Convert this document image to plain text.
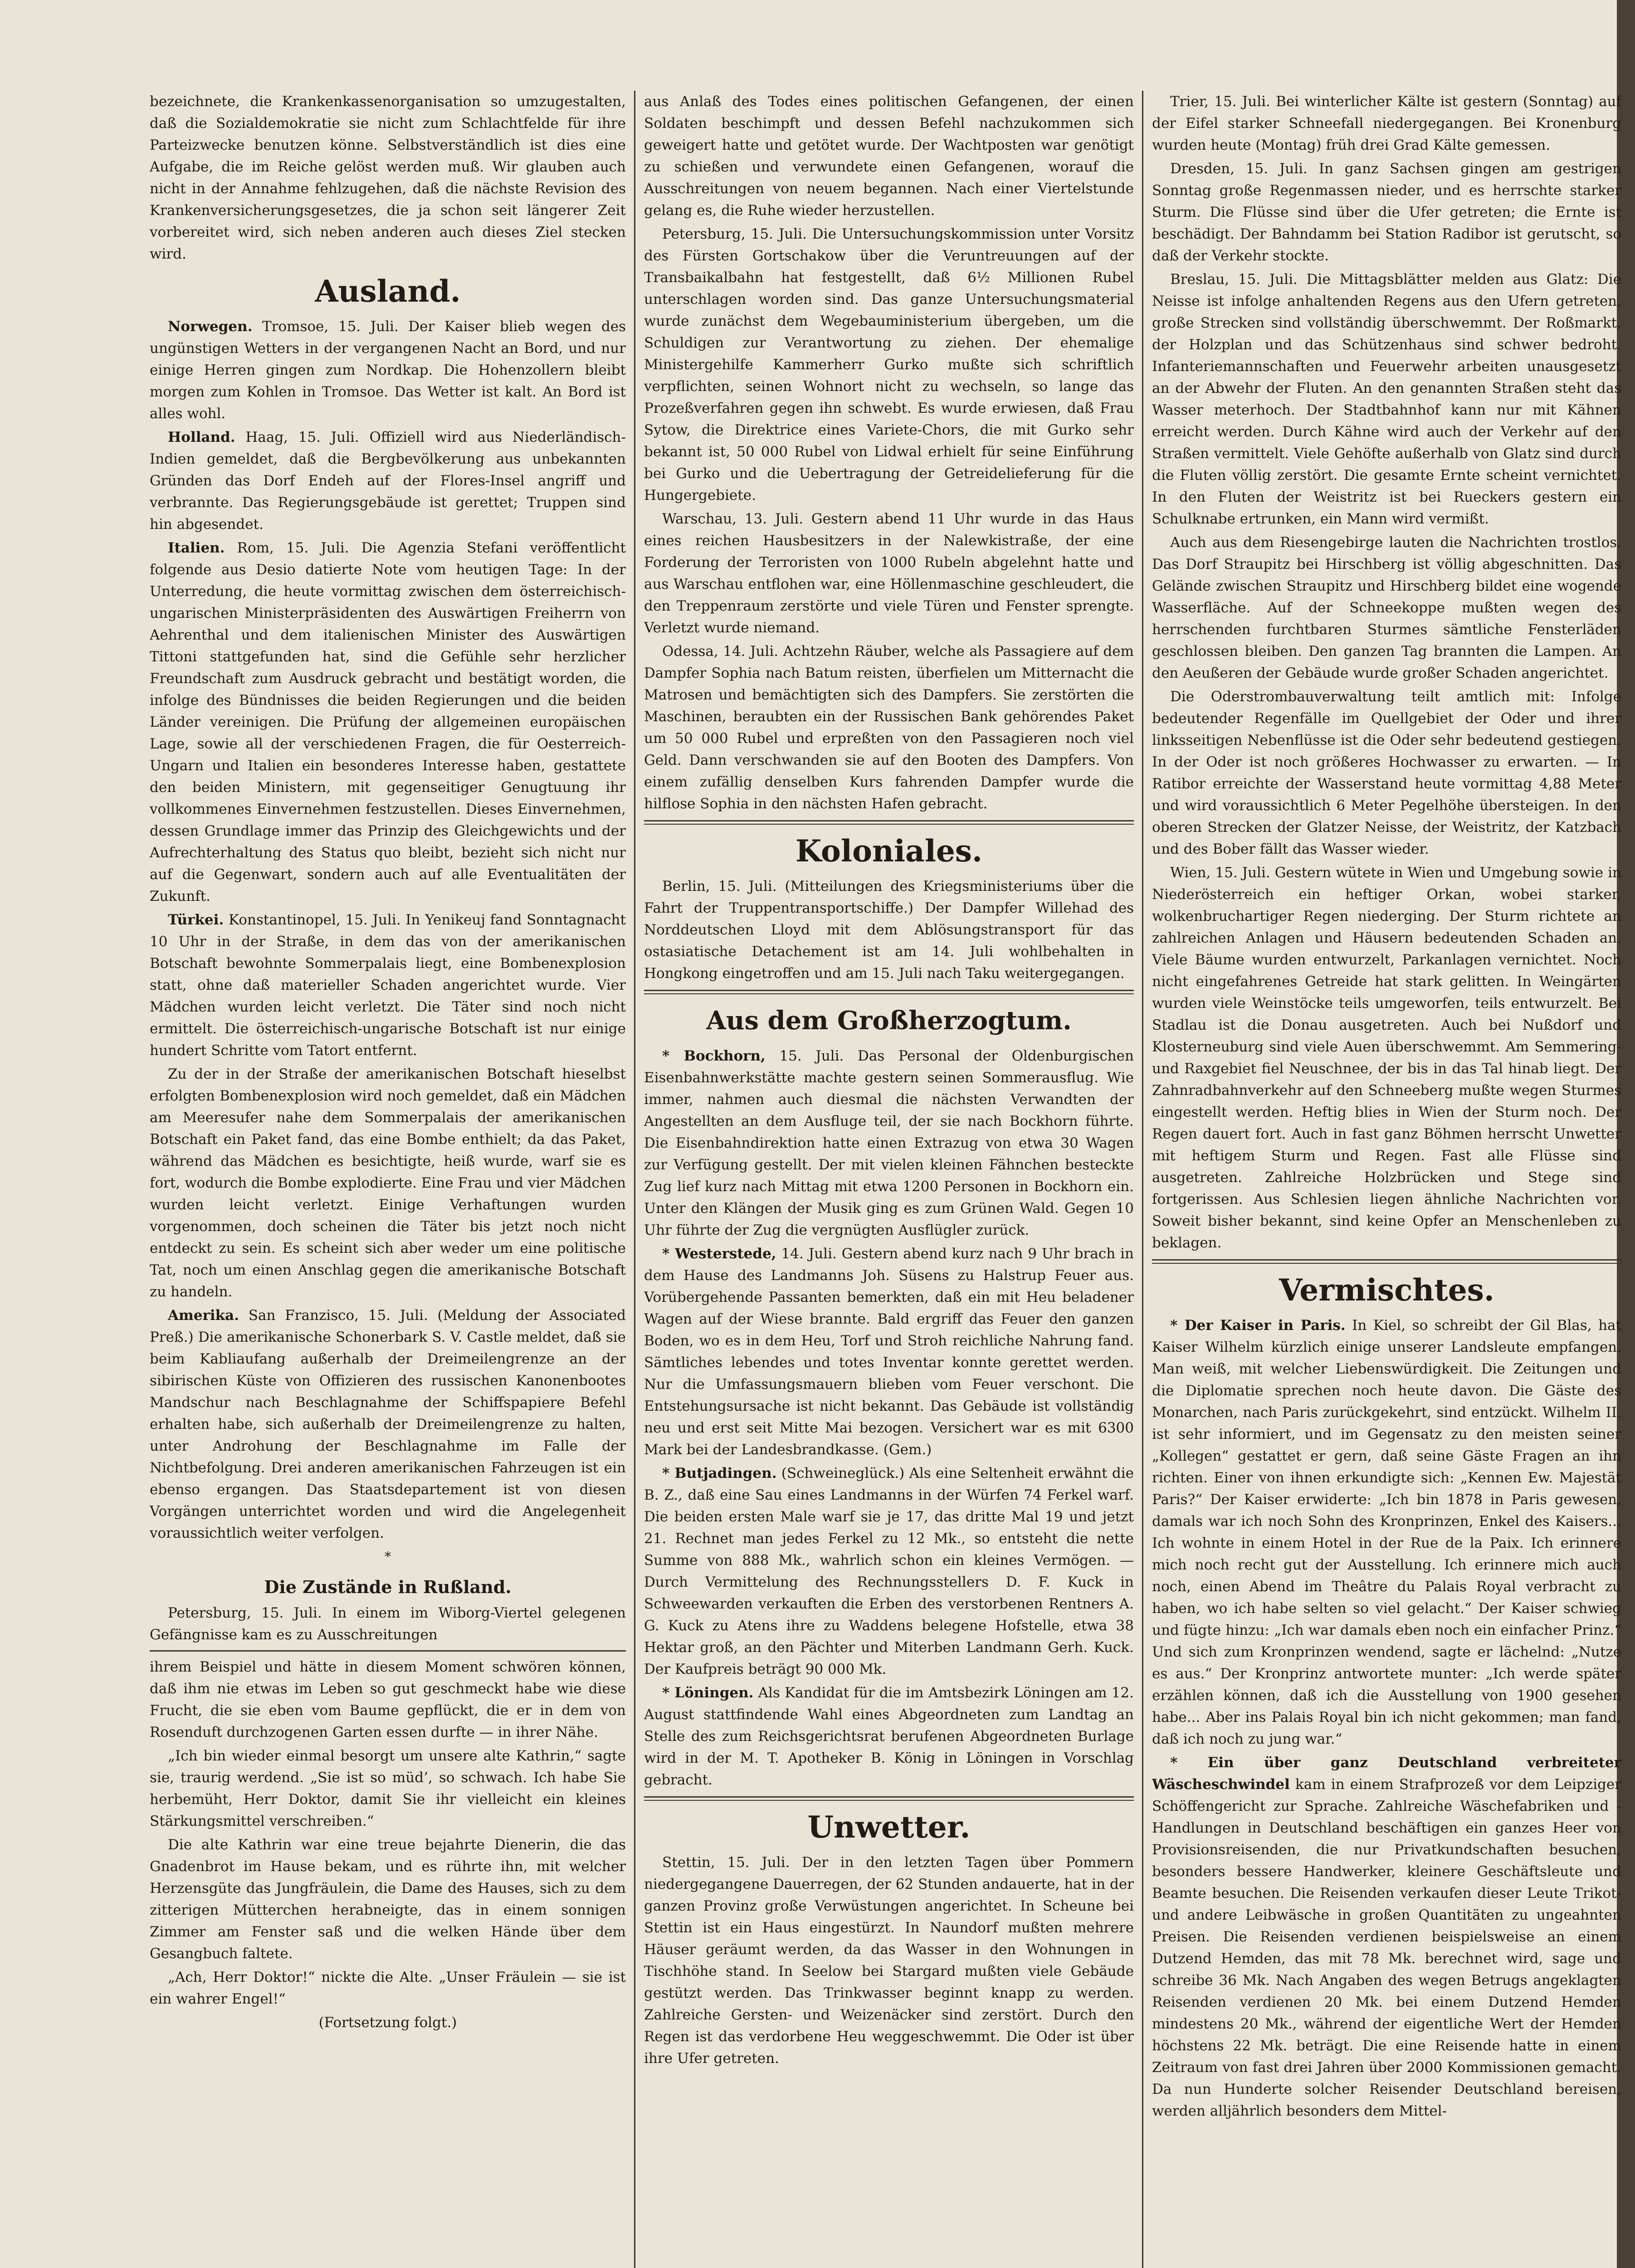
bezeichnete, die Krankenkassenorganisation so umzugestalten, daß die Sozialdemokratie sie nicht zum Schlachtfelde für ihre Parteizwecke benutzen könne. Selbstverständlich ist dies eine Aufgabe, die im Reiche gelöst werden muß. Wir glauben auch nicht in der Annahme fehlzugehen, daß die nächste Revision des Krankenversicherungsgesetzes, die ja schon seit längerer Zeit vorbereitet wird, sich neben anderen auch dieses Ziel stecken wird.

Ausland.

Norwegen. Tromsoe, 15. Juli. Der Kaiser blieb wegen des ungünstigen Wetters in der vergangenen Nacht an Bord, und nur einige Herren gingen zum Nordkap. Die Hohenzollern bleibt morgen zum Kohlen in Tromsoe. Das Wetter ist kalt. An Bord ist alles wohl.

Holland. Haag, 15. Juli. Offiziell wird aus Niederländisch-Indien gemeldet, daß die Bergbevölkerung aus unbekannten Gründen das Dorf Endeh auf der Flores-Insel angriff und verbrannte. Das Regierungsgebäude ist gerettet; Truppen sind hin abgesendet.

Italien. Rom, 15. Juli. Die Agenzia Stefani veröffentlicht folgende aus Desio datierte Note vom heutigen Tage: In der Unterredung, die heute vormittag zwischen dem österreichisch-ungarischen Ministerpräsidenten des Auswärtigen Freiherrn von Aehrenthal und dem italienischen Minister des Auswärtigen Tittoni stattgefunden hat, sind die Gefühle sehr herzlicher Freundschaft zum Ausdruck gebracht und bestätigt worden, die infolge des Bündnisses die beiden Regierungen und die beiden Länder vereinigen. Die Prüfung der allgemeinen europäischen Lage, sowie all der verschiedenen Fragen, die für Oesterreich-Ungarn und Italien ein besonderes Interesse haben, gestattete den beiden Ministern, mit gegenseitiger Genugtuung ihr vollkommenes Einvernehmen festzustellen. Dieses Einvernehmen, dessen Grundlage immer das Prinzip des Gleichgewichts und der Aufrechterhaltung des Status quo bleibt, bezieht sich nicht nur auf die Gegenwart, sondern auch auf alle Eventualitäten der Zukunft.

Türkei. Konstantinopel, 15. Juli. In Yenikeuj fand Sonntagnacht 10 Uhr in der Straße, in dem das von der amerikanischen Botschaft bewohnte Sommerpalais liegt, eine Bombenexplosion statt, ohne daß materieller Schaden angerichtet wurde. Vier Mädchen wurden leicht verletzt. Die Täter sind noch nicht ermittelt. Die österreichisch-ungarische Botschaft ist nur einige hundert Schritte vom Tatort entfernt.

Zu der in der Straße der amerikanischen Botschaft hieselbst erfolgten Bombenexplosion wird noch gemeldet, daß ein Mädchen am Meeresufer nahe dem Sommerpalais der amerikanischen Botschaft ein Paket fand, das eine Bombe enthielt; da das Paket, während das Mädchen es besichtigte, heiß wurde, warf sie es fort, wodurch die Bombe explodierte. Eine Frau und vier Mädchen wurden leicht verletzt. Einige Verhaftungen wurden vorgenommen, doch scheinen die Täter bis jetzt noch nicht entdeckt zu sein. Es scheint sich aber weder um eine politische Tat, noch um einen Anschlag gegen die amerikanische Botschaft zu handeln.

Amerika. San Franzisco, 15. Juli. (Meldung der Associated Preß.) Die amerikanische Schonerbark S. V. Castle meldet, daß sie beim Kabliaufang außerhalb der Dreimeilengrenze an der sibirischen Küste von Offizieren des russischen Kanonenbootes Mandschur nach Beschlagnahme der Schiffspapiere Befehl erhalten habe, sich außerhalb der Dreimeilengrenze zu halten, unter Androhung der Beschlagnahme im Falle der Nichtbefolgung. Drei anderen amerikanischen Fahrzeugen ist ein ebenso ergangen. Das Staatsdepartement ist von diesen Vorgängen unterrichtet worden und wird die Angelegenheit voraussichtlich weiter verfolgen.

*

Die Zustände in Rußland.

Petersburg, 15. Juli. In einem im Wiborg-Viertel gelegenen Gefängnisse kam es zu Ausschreitungen

ihrem Beispiel und hätte in diesem Moment schwören können, daß ihm nie etwas im Leben so gut geschmeckt habe wie diese Frucht, die sie eben vom Baume gepflückt, die er in dem von Rosenduft durchzogenen Garten essen durfte — in ihrer Nähe.

„Ich bin wieder einmal besorgt um unsere alte Kathrin,“ sagte sie, traurig werdend. „Sie ist so müd’, so schwach. Ich habe Sie herbemüht, Herr Doktor, damit Sie ihr vielleicht ein kleines Stärkungsmittel verschreiben.“

Die alte Kathrin war eine treue bejahrte Dienerin, die das Gnadenbrot im Hause bekam, und es rührte ihn, mit welcher Herzensgüte das Jungfräulein, die Dame des Hauses, sich zu dem zitterigen Mütterchen herabneigte, das in einem sonnigen Zimmer am Fenster saß und die welken Hände über dem Gesangbuch faltete.

„Ach, Herr Doktor!“ nickte die Alte. „Unser Fräulein — sie ist ein wahrer Engel!“

(Fortsetzung folgt.)

aus Anlaß des Todes eines politischen Gefangenen, der einen Soldaten beschimpft und dessen Befehl nachzukommen sich geweigert hatte und getötet wurde. Der Wachtposten war genötigt zu schießen und verwundete einen Gefangenen, worauf die Ausschreitungen von neuem begannen. Nach einer Viertelstunde gelang es, die Ruhe wieder herzustellen.

Petersburg, 15. Juli. Die Untersuchungskommission unter Vorsitz des Fürsten Gortschakow über die Veruntreuungen auf der Transbaikalbahn hat festgestellt, daß 6½ Millionen Rubel unterschlagen worden sind. Das ganze Untersuchungsmaterial wurde zunächst dem Wegebauministerium übergeben, um die Schuldigen zur Verantwortung zu ziehen. Der ehemalige Ministergehilfe Kammerherr Gurko mußte sich schriftlich verpflichten, seinen Wohnort nicht zu wechseln, so lange das Prozeßverfahren gegen ihn schwebt. Es wurde erwiesen, daß Frau Sytow, die Direktrice eines Variete-Chors, die mit Gurko sehr bekannt ist, 50 000 Rubel von Lidwal erhielt für seine Einführung bei Gurko und die Uebertragung der Getreidelieferung für die Hungergebiete.

Warschau, 13. Juli. Gestern abend 11 Uhr wurde in das Haus eines reichen Hausbesitzers in der Nalewkistraße, der eine Forderung der Terroristen von 1000 Rubeln abgelehnt hatte und aus Warschau entflohen war, eine Höllenmaschine geschleudert, die den Treppenraum zerstörte und viele Türen und Fenster sprengte. Verletzt wurde niemand.

Odessa, 14. Juli. Achtzehn Räuber, welche als Passagiere auf dem Dampfer Sophia nach Batum reisten, überfielen um Mitternacht die Matrosen und bemächtigten sich des Dampfers. Sie zerstörten die Maschinen, beraubten ein der Russischen Bank gehörendes Paket um 50 000 Rubel und erpreßten von den Passagieren noch viel Geld. Dann verschwanden sie auf den Booten des Dampfers. Von einem zufällig denselben Kurs fahrenden Dampfer wurde die hilflose Sophia in den nächsten Hafen gebracht.

Koloniales.

Berlin, 15. Juli. (Mitteilungen des Kriegsministeriums über die Fahrt der Truppentransportschiffe.) Der Dampfer Willehad des Norddeutschen Lloyd mit dem Ablösungstransport für das ostasiatische Detachement ist am 14. Juli wohlbehalten in Hongkong eingetroffen und am 15. Juli nach Taku weitergegangen.

Aus dem Großherzogtum.

* Bockhorn, 15. Juli. Das Personal der Oldenburgischen Eisenbahnwerkstätte machte gestern seinen Sommerausflug. Wie immer, nahmen auch diesmal die nächsten Verwandten der Angestellten an dem Ausfluge teil, der sie nach Bockhorn führte. Die Eisenbahndirektion hatte einen Extrazug von etwa 30 Wagen zur Verfügung gestellt. Der mit vielen kleinen Fähnchen besteckte Zug lief kurz nach Mittag mit etwa 1200 Personen in Bockhorn ein. Unter den Klängen der Musik ging es zum Grünen Wald. Gegen 10 Uhr führte der Zug die vergnügten Ausflügler zurück.

* Westerstede, 14. Juli. Gestern abend kurz nach 9 Uhr brach in dem Hause des Landmanns Joh. Süsens zu Halstrup Feuer aus. Vorübergehende Passanten bemerkten, daß ein mit Heu beladener Wagen auf der Wiese brannte. Bald ergriff das Feuer den ganzen Boden, wo es in dem Heu, Torf und Stroh reichliche Nahrung fand. Sämtliches lebendes und totes Inventar konnte gerettet werden. Nur die Umfassungsmauern blieben vom Feuer verschont. Die Entstehungsursache ist nicht bekannt. Das Gebäude ist vollständig neu und erst seit Mitte Mai bezogen. Versichert war es mit 6300 Mark bei der Landesbrandkasse. (Gem.)

* Butjadingen. (Schweineglück.) Als eine Seltenheit erwähnt die B. Z., daß eine Sau eines Landmanns in der Würfen 74 Ferkel warf. Die beiden ersten Male warf sie je 17, das dritte Mal 19 und jetzt 21. Rechnet man jedes Ferkel zu 12 Mk., so entsteht die nette Summe von 888 Mk., wahrlich schon ein kleines Vermögen. — Durch Vermittelung des Rechnungsstellers D. F. Kuck in Schweewarden verkauften die Erben des verstorbenen Rentners A. G. Kuck zu Atens ihre zu Waddens belegene Hofstelle, etwa 38 Hektar groß, an den Pächter und Miterben Landmann Gerh. Kuck. Der Kaufpreis beträgt 90 000 Mk.

* Löningen. Als Kandidat für die im Amtsbezirk Löningen am 12. August stattfindende Wahl eines Abgeordneten zum Landtag an Stelle des zum Reichsgerichtsrat berufenen Abgeordneten Burlage wird in der M. T. Apotheker B. König in Löningen in Vorschlag gebracht.

Unwetter.

Stettin, 15. Juli. Der in den letzten Tagen über Pommern niedergegangene Dauerregen, der 62 Stunden andauerte, hat in der ganzen Provinz große Verwüstungen angerichtet. In Scheune bei Stettin ist ein Haus eingestürzt. In Naundorf mußten mehrere Häuser geräumt werden, da das Wasser in den Wohnungen in Tischhöhe stand. In Seelow bei Stargard mußten viele Gebäude gestützt werden. Das Trinkwasser beginnt knapp zu werden. Zahlreiche Gersten- und Weizenäcker sind zerstört. Durch den Regen ist das verdorbene Heu weggeschwemmt. Die Oder ist über ihre Ufer getreten.

Trier, 15. Juli. Bei winterlicher Kälte ist gestern (Sonntag) auf der Eifel starker Schneefall niedergegangen. Bei Kronenburg wurden heute (Montag) früh drei Grad Kälte gemessen.

Dresden, 15. Juli. In ganz Sachsen gingen am gestrigen Sonntag große Regenmassen nieder, und es herrschte starker Sturm. Die Flüsse sind über die Ufer getreten; die Ernte ist beschädigt. Der Bahndamm bei Station Radibor ist gerutscht, so daß der Verkehr stockte.

Breslau, 15. Juli. Die Mittagsblätter melden aus Glatz: Die Neisse ist infolge anhaltenden Regens aus den Ufern getreten, große Strecken sind vollständig überschwemmt. Der Roßmarkt, der Holzplan und das Schützenhaus sind schwer bedroht. Infanteriemannschaften und Feuerwehr arbeiten unausgesetzt an der Abwehr der Fluten. An den genannten Straßen steht das Wasser meterhoch. Der Stadtbahnhof kann nur mit Kähnen erreicht werden. Durch Kähne wird auch der Verkehr auf den Straßen vermittelt. Viele Gehöfte außerhalb von Glatz sind durch die Fluten völlig zerstört. Die gesamte Ernte scheint vernichtet. In den Fluten der Weistritz ist bei Rueckers gestern ein Schulknabe ertrunken, ein Mann wird vermißt.

Auch aus dem Riesengebirge lauten die Nachrichten trostlos. Das Dorf Straupitz bei Hirschberg ist völlig abgeschnitten. Das Gelände zwischen Straupitz und Hirschberg bildet eine wogende Wasserfläche. Auf der Schneekoppe mußten wegen des herrschenden furchtbaren Sturmes sämtliche Fensterläden geschlossen bleiben. Den ganzen Tag brannten die Lampen. An den Aeußeren der Gebäude wurde großer Schaden angerichtet.

Die Oderstrombauverwaltung teilt amtlich mit: Infolge bedeutender Regenfälle im Quellgebiet der Oder und ihrer linksseitigen Nebenflüsse ist die Oder sehr bedeutend gestiegen. In der Oder ist noch größeres Hochwasser zu erwarten. — In Ratibor erreichte der Wasserstand heute vormittag 4,88 Meter und wird voraussichtlich 6 Meter Pegelhöhe übersteigen. In den oberen Strecken der Glatzer Neisse, der Weistritz, der Katzbach und des Bober fällt das Wasser wieder.

Wien, 15. Juli. Gestern wütete in Wien und Umgebung sowie in Niederösterreich ein heftiger Orkan, wobei starker, wolkenbruchartiger Regen niederging. Der Sturm richtete an zahlreichen Anlagen und Häusern bedeutenden Schaden an. Viele Bäume wurden entwurzelt, Parkanlagen vernichtet. Noch nicht eingefahrenes Getreide hat stark gelitten. In Weingärten wurden viele Weinstöcke teils umgeworfen, teils entwurzelt. Bei Stadlau ist die Donau ausgetreten. Auch bei Nußdorf und Klosterneuburg sind viele Auen überschwemmt. Am Semmering- und Raxgebiet fiel Neuschnee, der bis in das Tal hinab liegt. Der Zahnradbahnverkehr auf den Schneeberg mußte wegen Sturmes eingestellt werden. Heftig blies in Wien der Sturm noch. Der Regen dauert fort. Auch in fast ganz Böhmen herrscht Unwetter mit heftigem Sturm und Regen. Fast alle Flüsse sind ausgetreten. Zahlreiche Holzbrücken und Stege sind fortgerissen. Aus Schlesien liegen ähnliche Nachrichten vor. Soweit bisher bekannt, sind keine Opfer an Menschenleben zu beklagen.

Vermischtes.

* Der Kaiser in Paris. In Kiel, so schreibt der Gil Blas, hat Kaiser Wilhelm kürzlich einige unserer Landsleute empfangen. Man weiß, mit welcher Liebenswürdigkeit. Die Zeitungen und die Diplomatie sprechen noch heute davon. Die Gäste des Monarchen, nach Paris zurückgekehrt, sind entzückt. Wilhelm II. ist sehr informiert, und im Gegensatz zu den meisten seiner „Kollegen“ gestattet er gern, daß seine Gäste Fragen an ihn richten. Einer von ihnen erkundigte sich: „Kennen Ew. Majestät Paris?“ Der Kaiser erwiderte: „Ich bin 1878 in Paris gewesen, damals war ich noch Sohn des Kronprinzen, Enkel des Kaisers... Ich wohnte in einem Hotel in der Rue de la Paix. Ich erinnere mich noch recht gut der Ausstellung. Ich erinnere mich auch noch, einen Abend im Theâtre du Palais Royal verbracht zu haben, wo ich habe selten so viel gelacht.“ Der Kaiser schwieg und fügte hinzu: „Ich war damals eben noch ein einfacher Prinz.“ Und sich zum Kronprinzen wendend, sagte er lächelnd: „Nutze es aus.“ Der Kronprinz antwortete munter: „Ich werde später erzählen können, daß ich die Ausstellung von 1900 gesehen habe... Aber ins Palais Royal bin ich nicht gekommen; man fand, daß ich noch zu jung war.“

* Ein über ganz Deutschland verbreiteter Wäscheschwindel kam in einem Strafprozeß vor dem Leipziger Schöffengericht zur Sprache. Zahlreiche Wäschefabriken und -Handlungen in Deutschland beschäftigen ein ganzes Heer von Provisionsreisenden, die nur Privatkundschaften besuchen, besonders bessere Handwerker, kleinere Geschäftsleute und Beamte besuchen. Die Reisenden verkaufen dieser Leute Trikot- und andere Leibwäsche in großen Quantitäten zu ungeahnten Preisen. Die Reisenden verdienen beispielsweise an einem Dutzend Hemden, das mit 78 Mk. berechnet wird, sage und schreibe 36 Mk. Nach Angaben des wegen Betrugs angeklagten Reisenden verdienen 20 Mk. bei einem Dutzend Hemden mindestens 20 Mk., während der eigentliche Wert der Hemden höchstens 22 Mk. beträgt. Die eine Reisende hatte in einem Zeitraum von fast drei Jahren über 2000 Kommissionen gemacht. Da nun Hunderte solcher Reisender Deutschland bereisen, werden alljährlich besonders dem Mittel-
